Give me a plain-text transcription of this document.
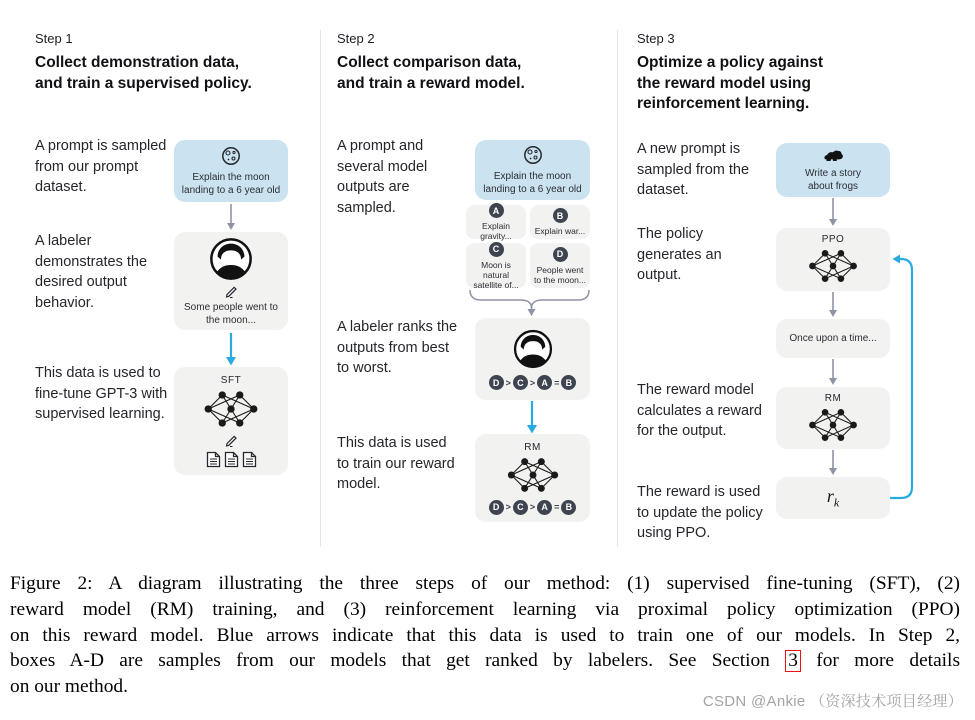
Step 1
Collect demonstration data,
and train a supervised policy.
A prompt is sampled from our prompt dataset.
A labeler demonstrates the desired output behavior.
This data is used to fine-tune GPT-3 with supervised learning.
Explain the moon landing to a 6 year old
Some people went to the moon...
SFT
Step 2
Collect comparison data,
and train a reward model.
A prompt and several model outputs are sampled.
A labeler ranks the outputs from best to worst.
This data is used to train our reward model.
Explain the moon landing to a 6 year old
A
Explain gravity...
B
Explain war...
C
Moon is natural satellite of...
D
People went to the moon...
D > C > A = B
RM
D > C > A = B
Step 3
Optimize a policy against
the reward model using
reinforcement learning.
A new prompt is sampled from the dataset.
The policy generates an output.
The reward model calculates a reward for the output.
The reward is used to update the policy using PPO.
Write a story
about frogs
PPO
Once upon a time...
RM
$r_k$
Figure 2: A diagram illustrating the three steps of our method: (1) supervised fine-tuning (SFT), (2)
reward model (RM) training, and (3) reinforcement learning via proximal policy optimization (PPO)
on this reward model. Blue arrows indicate that this data is used to train one of our models. In Step 2,
boxes A-D are samples from our models that get ranked by labelers. See Section 3 for more details
on our method.
CSDN @Ankie （资深技术项目经理）
